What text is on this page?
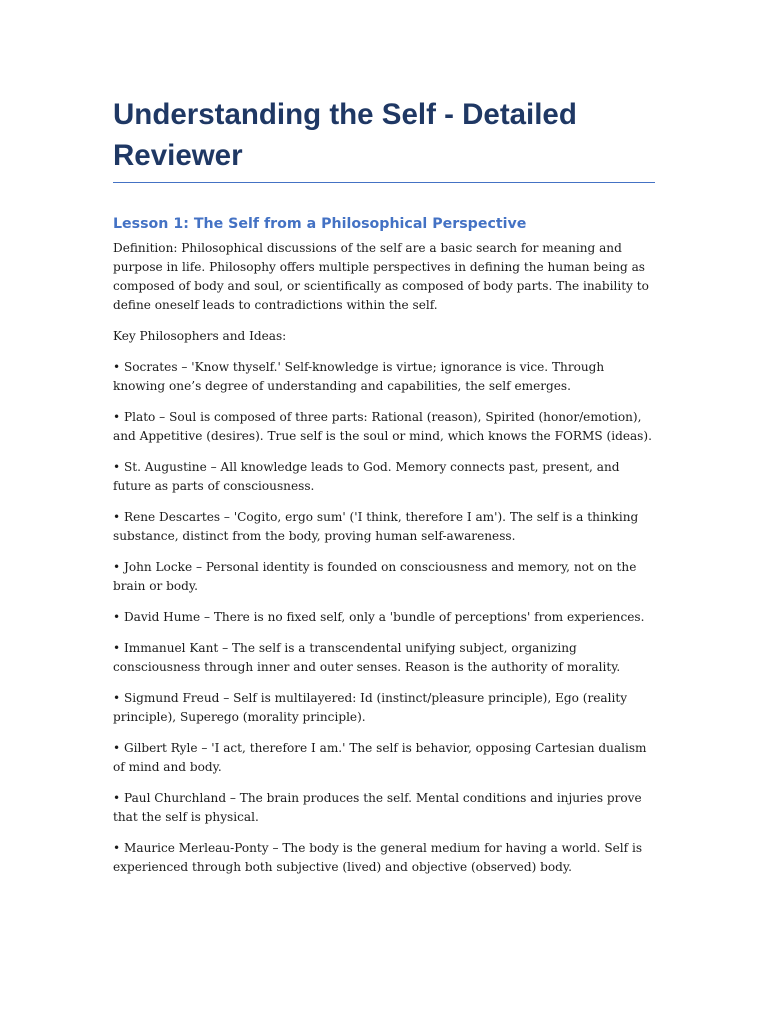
Understanding the Self - Detailed Reviewer
Lesson 1: The Self from a Philosophical Perspective

Definition: Philosophical discussions of the self are a basic search for meaning and purpose in life. Philosophy offers multiple perspectives in defining the human being as composed of body and soul, or scientifically as composed of body parts. The inability to define oneself leads to contradictions within the self.

Key Philosophers and Ideas:

• Socrates – 'Know thyself.' Self-knowledge is virtue; ignorance is vice. Through knowing one’s degree of understanding and capabilities, the self emerges.

• Plato – Soul is composed of three parts: Rational (reason), Spirited (honor/emotion), and Appetitive (desires). True self is the soul or mind, which knows the FORMS (ideas).

• St. Augustine – All knowledge leads to God. Memory connects past, present, and future as parts of consciousness.

• Rene Descartes – 'Cogito, ergo sum' ('I think, therefore I am'). The self is a thinking substance, distinct from the body, proving human self-awareness.

• John Locke – Personal identity is founded on consciousness and memory, not on the brain or body.

• David Hume – There is no fixed self, only a 'bundle of perceptions' from experiences.

• Immanuel Kant – The self is a transcendental unifying subject, organizing consciousness through inner and outer senses. Reason is the authority of morality.

• Sigmund Freud – Self is multilayered: Id (instinct/pleasure principle), Ego (reality principle), Superego (morality principle).

• Gilbert Ryle – 'I act, therefore I am.' The self is behavior, opposing Cartesian dualism of mind and body.

• Paul Churchland – The brain produces the self. Mental conditions and injuries prove that the self is physical.

• Maurice Merleau-Ponty – The body is the general medium for having a world. Self is experienced through both subjective (lived) and objective (observed) body.
